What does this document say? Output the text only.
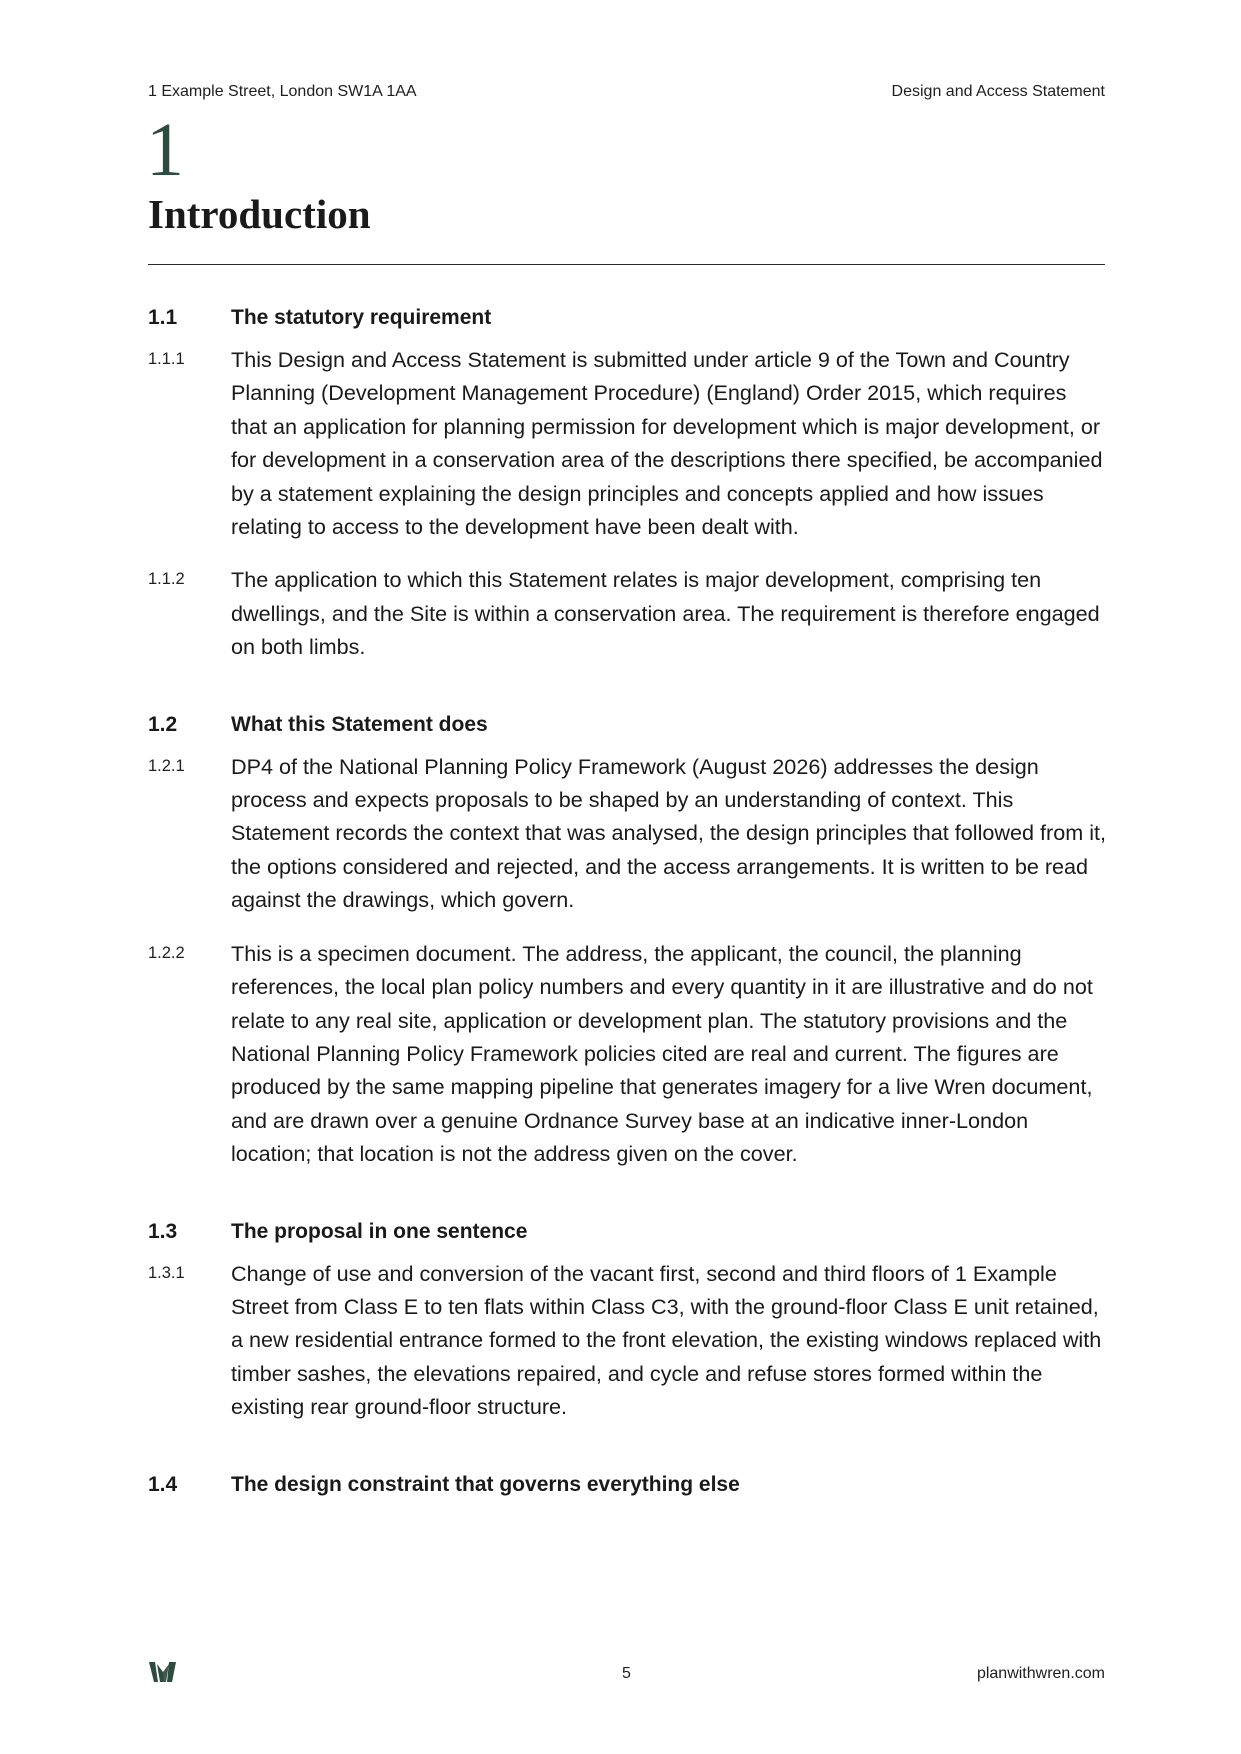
1 Example Street, London SW1A 1AA	Design and Access Statement
1
Introduction
1.1	The statutory requirement
1.1.1	This Design and Access Statement is submitted under article 9 of the Town and Country Planning (Development Management Procedure) (England) Order 2015, which requires that an application for planning permission for development which is major development, or for development in a conservation area of the descriptions there specified, be accompanied by a statement explaining the design principles and concepts applied and how issues relating to access to the development have been dealt with.
1.1.2	The application to which this Statement relates is major development, comprising ten dwellings, and the Site is within a conservation area. The requirement is therefore engaged on both limbs.
1.2	What this Statement does
1.2.1	DP4 of the National Planning Policy Framework (August 2026) addresses the design process and expects proposals to be shaped by an understanding of context. This Statement records the context that was analysed, the design principles that followed from it, the options considered and rejected, and the access arrangements. It is written to be read against the drawings, which govern.
1.2.2	This is a specimen document. The address, the applicant, the council, the planning references, the local plan policy numbers and every quantity in it are illustrative and do not relate to any real site, application or development plan. The statutory provisions and the National Planning Policy Framework policies cited are real and current. The figures are produced by the same mapping pipeline that generates imagery for a live Wren document, and are drawn over a genuine Ordnance Survey base at an indicative inner-London location; that location is not the address given on the cover.
1.3	The proposal in one sentence
1.3.1	Change of use and conversion of the vacant first, second and third floors of 1 Example Street from Class E to ten flats within Class C3, with the ground-floor Class E unit retained, a new residential entrance formed to the front elevation, the existing windows replaced with timber sashes, the elevations repaired, and cycle and refuse stores formed within the existing rear ground-floor structure.
1.4	The design constraint that governs everything else
5	planwithwren.com
